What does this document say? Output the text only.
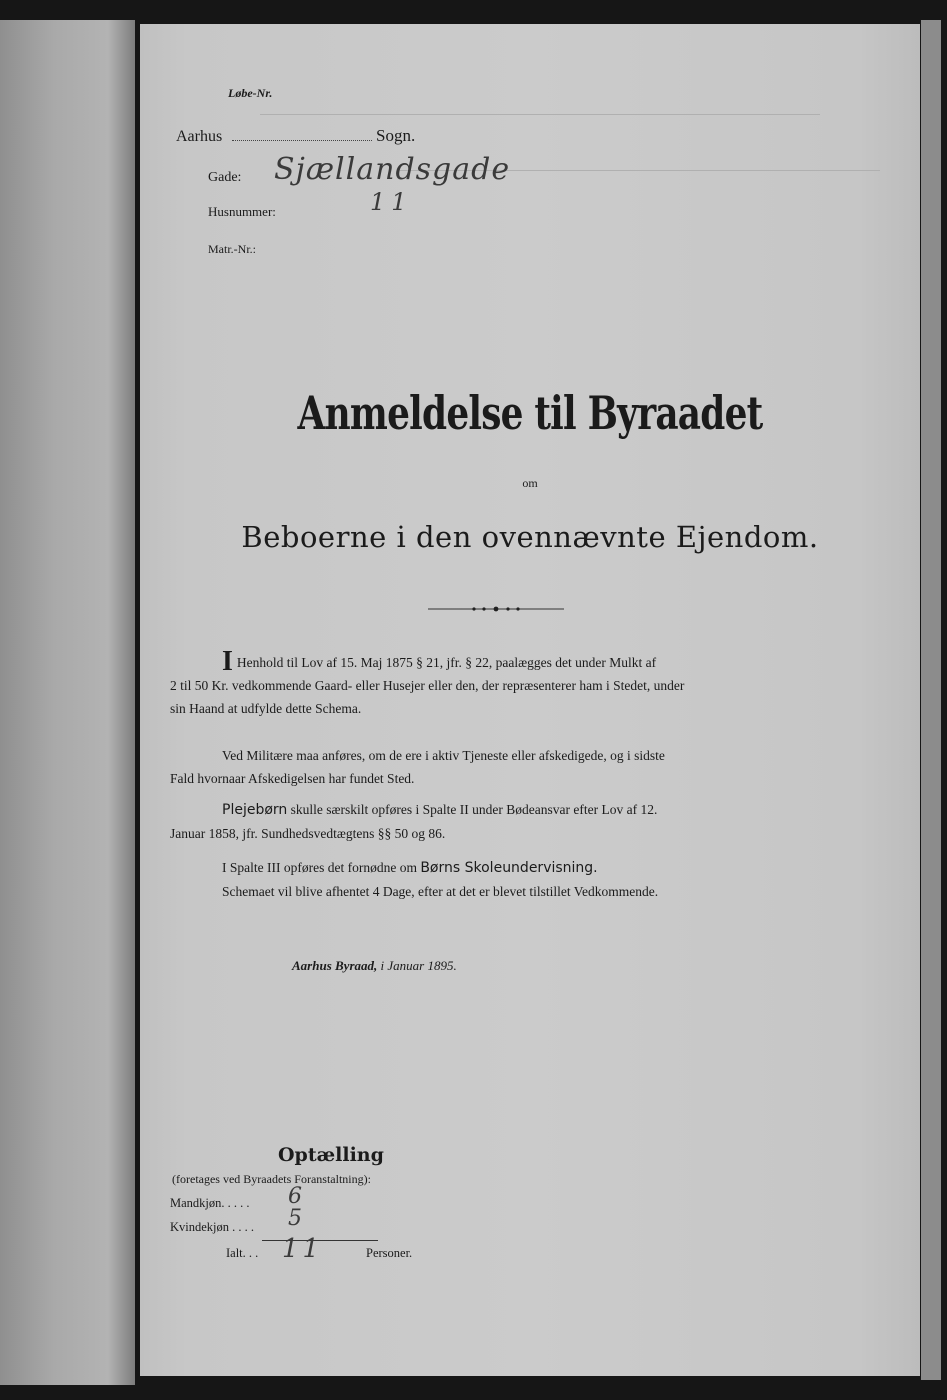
Løbe-Nr.
Aarhus	Sogn.
Gade: Sjællandsgade
Husnummer:	11
Matr.-Nr.:
Anmeldelse til Byraadet
om
Beboerne i den ovennævnte Ejendom.
I Henhold til Lov af 15. Maj 1875 § 21, jfr. § 22, paalægges det under Mulkt af
2 til 50 Kr. vedkommende Gaard- eller Husejer eller den, der repræsenterer ham i Stedet, under
sin Haand at udfylde dette Schema.
Ved Militære maa anføres, om de ere i aktiv Tjeneste eller afskedigede, og i sidste
Fald hvornaar Afskedigelsen har fundet Sted.
Plejebørn skulle særskilt opføres i Spalte II under Bødeansvar efter Lov af 12.
Januar 1858, jfr. Sundhedsvedtægtens §§ 50 og 86.
I Spalte III opføres det fornødne om Børns Skoleundervisning.
Schemaet vil blive afhentet 4 Dage, efter at det er blevet tilstillet Vedkommende.
Aarhus Byraad, i Januar 1895.
Optælling
(foretages ved Byraadets Foranstaltning):
Mandkjøn. . . . . 6
Kvindekjøn . . . . 5
Ialt. . . 11	Personer.
